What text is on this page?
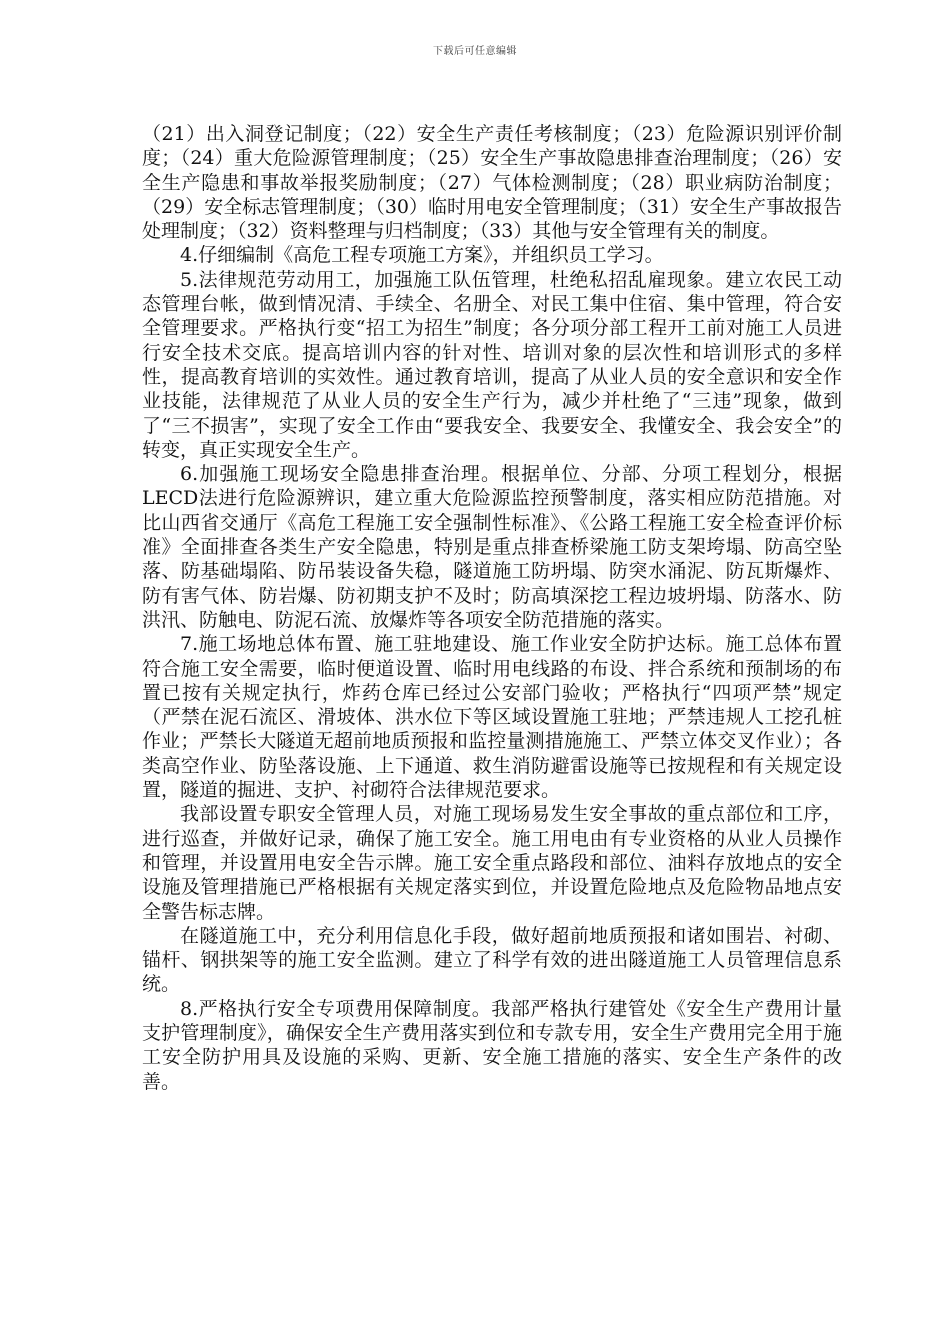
下载后可任意编辑

（21）出入洞登记制度；（22）安全生产责任考核制度；（23）危险源识别评价制度；（24）重大危险源管理制度；（25）安全生产事故隐患排查治理制度；（26）安全生产隐患和事故举报奖励制度；（27）气体检测制度；（28）职业病防治制度；（29）安全标志管理制度；（30）临时用电安全管理制度；（31）安全生产事故报告处理制度；（32）资料整理与归档制度；（33）其他与安全管理有关的制度。

4.仔细编制《高危工程专项施工方案》，并组织员工学习。

5.法律规范劳动用工，加强施工队伍管理，杜绝私招乱雇现象。建立农民工动态管理台帐，做到情况清、手续全、名册全、对民工集中住宿、集中管理，符合安全管理要求。严格执行变“招工为招生”制度；各分项分部工程开工前对施工人员进行安全技术交底。提高培训内容的针对性、培训对象的层次性和培训形式的多样性，提高教育培训的实效性。通过教育培训，提高了从业人员的安全意识和安全作业技能，法律规范了从业人员的安全生产行为，减少并杜绝了“三违”现象，做到了“三不损害”，实现了安全工作由“要我安全、我要安全、我懂安全、我会安全”的转变，真正实现安全生产。

6.加强施工现场安全隐患排查治理。根据单位、分部、分项工程划分，根据LECD法进行危险源辨识，建立重大危险源监控预警制度，落实相应防范措施。对比山西省交通厅《高危工程施工安全强制性标准》、《公路工程施工安全检查评价标准》全面排查各类生产安全隐患，特别是重点排查桥梁施工防支架垮塌、防高空坠落、防基础塌陷、防吊装设备失稳，隧道施工防坍塌、防突水涌泥、防瓦斯爆炸、防有害气体、防岩爆、防初期支护不及时；防高填深挖工程边坡坍塌、防落水、防洪汛、防触电、防泥石流、放爆炸等各项安全防范措施的落实。

7.施工场地总体布置、施工驻地建设、施工作业安全防护达标。施工总体布置符合施工安全需要，临时便道设置、临时用电线路的布设、拌合系统和预制场的布置已按有关规定执行，炸药仓库已经过公安部门验收；严格执行“四项严禁”规定（严禁在泥石流区、滑坡体、洪水位下等区域设置施工驻地；严禁违规人工挖孔桩作业；严禁长大隧道无超前地质预报和监控量测措施施工、严禁立体交叉作业）；各类高空作业、防坠落设施、上下通道、救生消防避雷设施等已按规程和有关规定设置，隧道的掘进、支护、衬砌符合法律规范要求。

我部设置专职安全管理人员，对施工现场易发生安全事故的重点部位和工序，进行巡查，并做好记录，确保了施工安全。施工用电由有专业资格的从业人员操作和管理，并设置用电安全告示牌。施工安全重点路段和部位、油料存放地点的安全设施及管理措施已严格根据有关规定落实到位，并设置危险地点及危险物品地点安全警告标志牌。

在隧道施工中，充分利用信息化手段，做好超前地质预报和诸如围岩、衬砌、锚杆、钢拱架等的施工安全监测。建立了科学有效的进出隧道施工人员管理信息系统。

8.严格执行安全专项费用保障制度。我部严格执行建管处《安全生产费用计量支护管理制度》，确保安全生产费用落实到位和专款专用，安全生产费用完全用于施工安全防护用具及设施的采购、更新、安全施工措施的落实、安全生产条件的改善。
